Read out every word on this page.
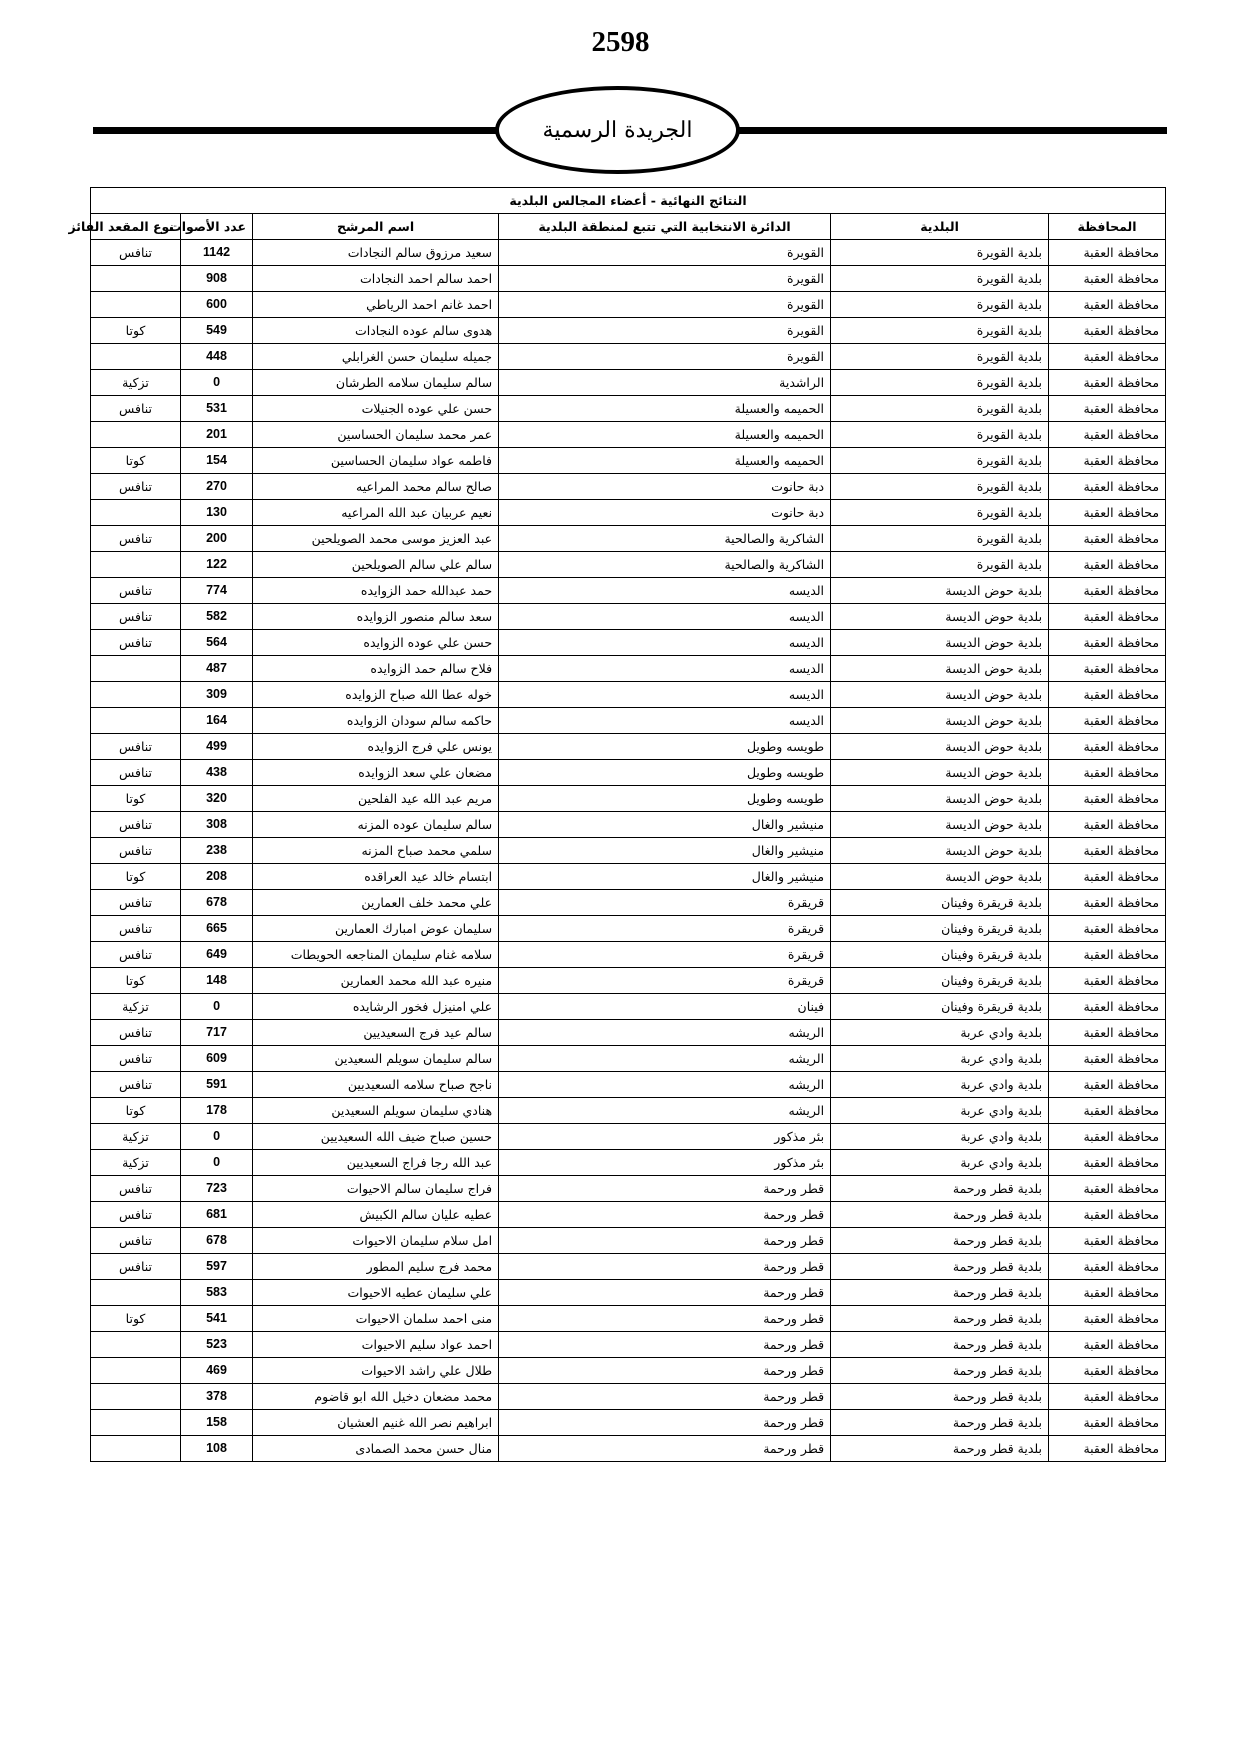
2598
الجريدة الرسمية
النتائج النهائية - أعضاء المجالس البلدية					
المحافظة	البلدية	الدائرة الانتخابية التي تتبع لمنطقة البلدية	اسم المرشح	عدد الأصوات	نوع المقعد الفائز
محافظة العقبة	بلدية القويرة	القويرة	سعيد مرزوق سالم النجادات	1142	تنافس
محافظة العقبة	بلدية القويرة	القويرة	احمد سالم احمد النجادات	908	
محافظة العقبة	بلدية القويرة	القويرة	احمد غانم احمد الرياطي	600	
محافظة العقبة	بلدية القويرة	القويرة	هدوى سالم عوده النجادات	549	كوتا
محافظة العقبة	بلدية القويرة	القويرة	جميله سليمان حسن الغرابلي	448	
محافظة العقبة	بلدية القويرة	الراشدية	سالم سليمان سلامه الطرشان	0	تزكية
محافظة العقبة	بلدية القويرة	الحميمه والعسيلة	حسن علي عوده الجنيلات	531	تنافس
محافظة العقبة	بلدية القويرة	الحميمه والعسيلة	عمر محمد سليمان الحساسين	201	
محافظة العقبة	بلدية القويرة	الحميمه والعسيلة	فاطمه عواد سليمان الحساسين	154	كوتا
محافظة العقبة	بلدية القويرة	دبة حانوت	صالح سالم محمد المراعيه	270	تنافس
محافظة العقبة	بلدية القويرة	دبة حانوت	نعيم عربيان عبد الله المراعيه	130	
محافظة العقبة	بلدية القويرة	الشاكرية والصالحية	عبد العزيز موسى محمد الصويلحين	200	تنافس
محافظة العقبة	بلدية القويرة	الشاكرية والصالحية	سالم علي سالم الصويلحين	122	
محافظة العقبة	بلدية حوض الديسة	الديسه	حمد عبدالله حمد الزوايده	774	تنافس
محافظة العقبة	بلدية حوض الديسة	الديسه	سعد سالم منصور الزوايده	582	تنافس
محافظة العقبة	بلدية حوض الديسة	الديسه	حسن علي عوده الزوايده	564	تنافس
محافظة العقبة	بلدية حوض الديسة	الديسه	فلاح سالم حمد الزوايده	487	
محافظة العقبة	بلدية حوض الديسة	الديسه	خوله عطا الله صباح الزوايده	309	
محافظة العقبة	بلدية حوض الديسة	الديسه	حاكمه سالم سودان الزوايده	164	
محافظة العقبة	بلدية حوض الديسة	طويسه وطويل	يونس علي فرج الزوايده	499	تنافس
محافظة العقبة	بلدية حوض الديسة	طويسه وطويل	مضعان علي سعد الزوايده	438	تنافس
محافظة العقبة	بلدية حوض الديسة	طويسه وطويل	مريم عبد الله عيد الفلحين	320	كوتا
محافظة العقبة	بلدية حوض الديسة	منيشير والغال	سالم سليمان عوده المزنه	308	تنافس
محافظة العقبة	بلدية حوض الديسة	منيشير والغال	سلمي محمد صباح المزنه	238	تنافس
محافظة العقبة	بلدية حوض الديسة	منيشير والغال	ابتسام خالد عيد العراقده	208	كوتا
محافظة العقبة	بلدية قريقرة وفينان	قريقرة	علي محمد خلف العمارين	678	تنافس
محافظة العقبة	بلدية قريقرة وفينان	قريقرة	سليمان عوض امبارك العمارين	665	تنافس
محافظة العقبة	بلدية قريقرة وفينان	قريقرة	سلامه غنام سليمان المناجعه الحويطات	649	تنافس
محافظة العقبة	بلدية قريقرة وفينان	قريقرة	منيره عبد الله محمد العمارين	148	كوتا
محافظة العقبة	بلدية قريقرة وفينان	فينان	علي امنيزل فخور الرشايده	0	تزكية
محافظة العقبة	بلدية وادي عربة	الريشه	سالم عيد فرج السعيديين	717	تنافس
محافظة العقبة	بلدية وادي عربة	الريشه	سالم سليمان سويلم السعيدين	609	تنافس
محافظة العقبة	بلدية وادي عربة	الريشه	ناجح صباح سلامه السعيديين	591	تنافس
محافظة العقبة	بلدية وادي عربة	الريشه	هنادي سليمان سويلم السعيدين	178	كوتا
محافظة العقبة	بلدية وادي عربة	بئر مذكور	حسين صباح ضيف الله السعيديين	0	تزكية
محافظة العقبة	بلدية وادي عربة	بئر مذكور	عبد الله رجا فراج السعيديين	0	تزكية
محافظة العقبة	بلدية قطر ورحمة	قطر ورحمة	فراج سليمان سالم الاحيوات	723	تنافس
محافظة العقبة	بلدية قطر ورحمة	قطر ورحمة	عطيه عليان سالم الكبيش	681	تنافس
محافظة العقبة	بلدية قطر ورحمة	قطر ورحمة	امل سلام سليمان الاحيوات	678	تنافس
محافظة العقبة	بلدية قطر ورحمة	قطر ورحمة	محمد فرج سليم المطور	597	تنافس
محافظة العقبة	بلدية قطر ورحمة	قطر ورحمة	علي سليمان عطيه الاحيوات	583	
محافظة العقبة	بلدية قطر ورحمة	قطر ورحمة	منى احمد سلمان الاحيوات	541	كوتا
محافظة العقبة	بلدية قطر ورحمة	قطر ورحمة	احمد عواد سليم الاحيوات	523	
محافظة العقبة	بلدية قطر ورحمة	قطر ورحمة	طلال علي راشد الاحيوات	469	
محافظة العقبة	بلدية قطر ورحمة	قطر ورحمة	محمد مضعان دخيل الله ابو قاضوم	378	
محافظة العقبة	بلدية قطر ورحمة	قطر ورحمة	ابراهيم نصر الله غنيم العشيان	158	
محافظة العقبة	بلدية قطر ورحمة	قطر ورحمة	منال حسن محمد الصمادى	108	
